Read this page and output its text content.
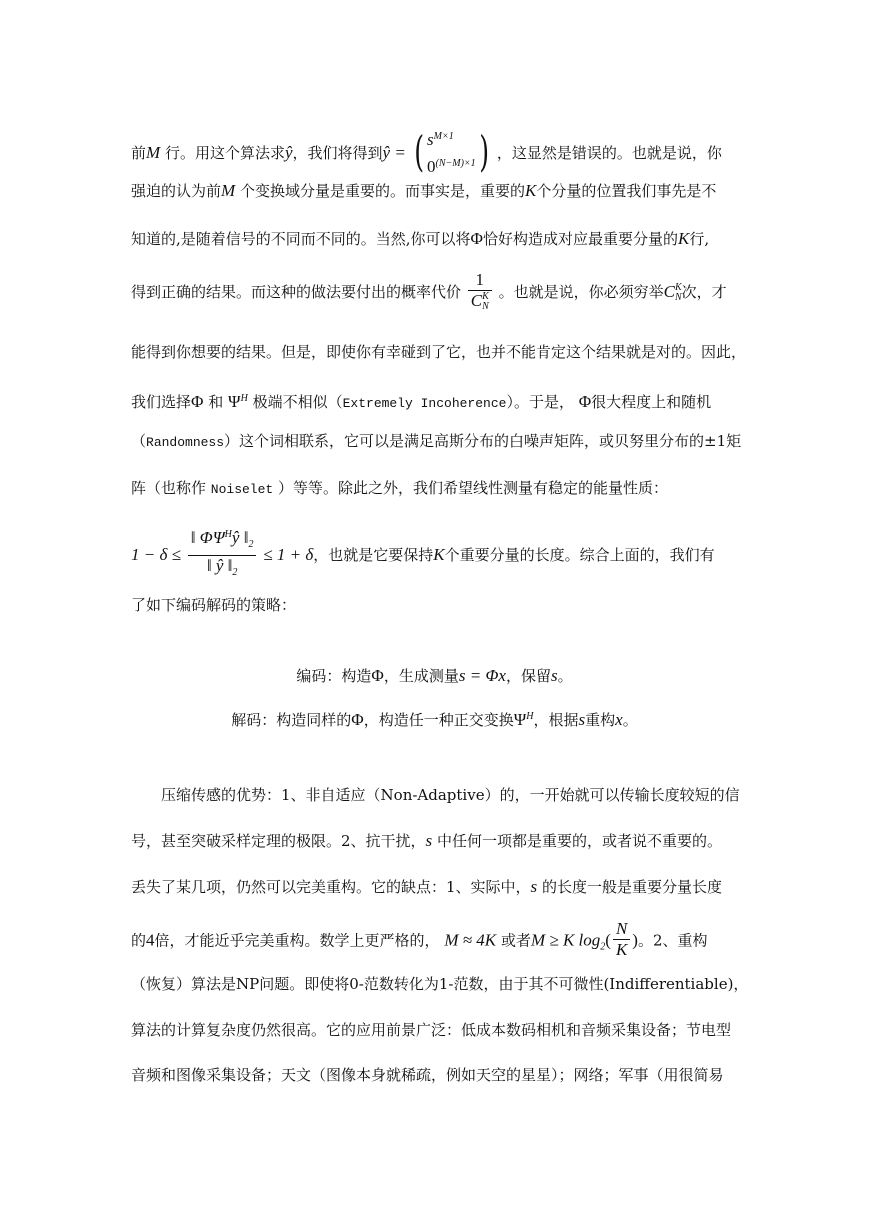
前M 行。用这个算法求ŷ，我们将得到ŷ = ( $s^{M\times 1}$
$0^{(N-M)\times 1}$ ) ，这显然是错误的。也就是说，你
强迫的认为前M 个变换域分量是重要的。而事实是，重要的K个分量的位置我们事先是不
知道的,是随着信号的不同而不同的。当然,你可以将Φ恰好构造成对应最重要分量的K行,
得到正确的结果。而这种的做法要付出的概率代价 1
C K
N 。也就是说，你必须穷举C K
N 次，才
能得到你想要的结果。但是，即使你有幸碰到了它，也并不能肯定这个结果就是对的。因此，
我们选择Φ 和 $\Psi^H$ 极端不相似（Extremely Incoherence）。于是， Φ很大程度上和随机
（Randomness）这个词相联系，它可以是满足高斯分布的白噪声矩阵，或贝努里分布的±1矩
阵（也称作 Noiselet ）等等。除此之外，我们希望线性测量有稳定的能量性质：
$1 - \delta \le \frac{‖ \Phi\Psi^Hŷ ‖_2}{‖ ŷ ‖_2} \le 1 + \delta$，也就是它要保持K个重要分量的长度。综合上面的，我们有
了如下编码解码的策略：
编码：构造Φ，生成测量s = Φx，保留s。
解码：构造同样的Φ，构造任一种正交变换$\Psi^H$，根据s重构x。
压缩传感的优势：1、非自适应（Non-Adaptive）的，一开始就可以传输长度较短的信
号，甚至突破采样定理的极限。2、抗干扰，s 中任何一项都是重要的，或者说不重要的。
丢失了某几项，仍然可以完美重构。它的缺点：1、实际中，s 的长度一般是重要分量长度
的4倍，才能近乎完美重构。数学上更严格的， M ≈ 4K 或者M ≥ K $\log_2( \frac{N}{K}$ )。2、重构
（恢复）算法是NP问题。即使将0-范数转化为1-范数，由于其不可微性(Indifferentiable)，
算法的计算复杂度仍然很高。它的应用前景广泛：低成本数码相机和音频采集设备；节电型
音频和图像采集设备；天文（图像本身就稀疏，例如天空的星星）；网络；军事（用很简易
